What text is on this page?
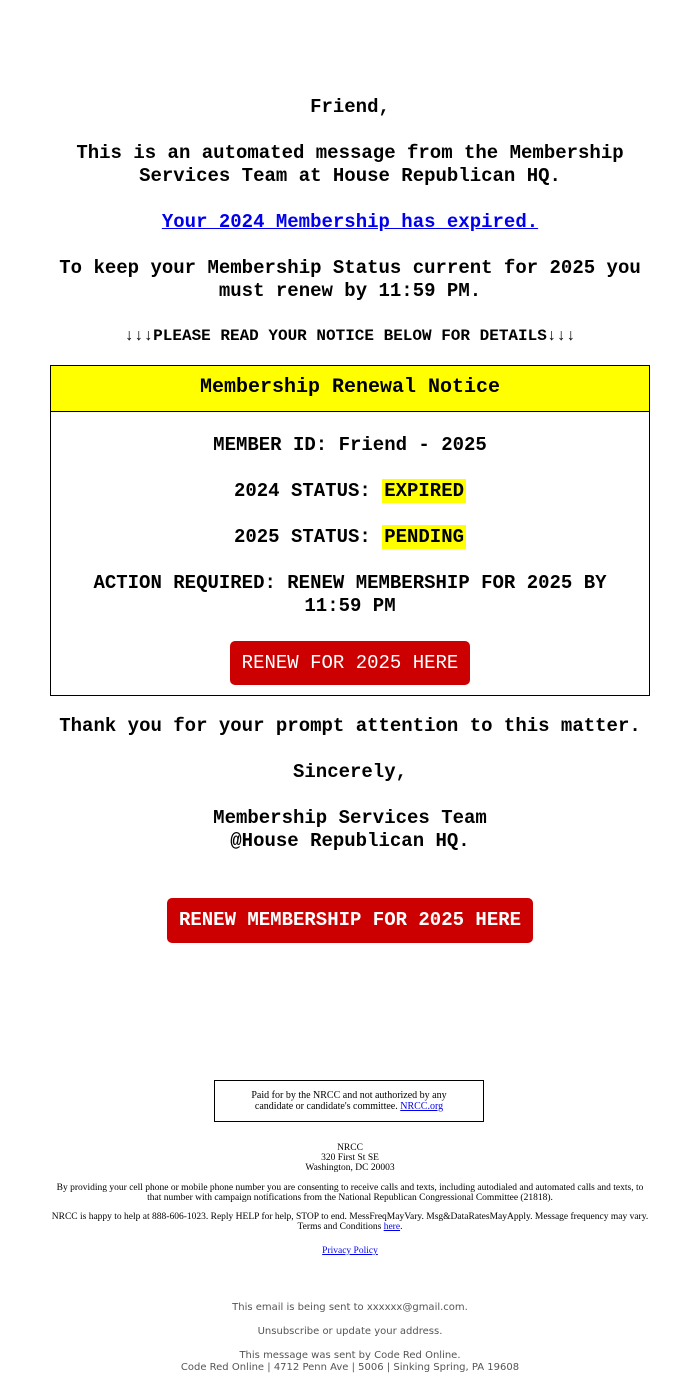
Friend,

This is an automated message from the Membership Services Team at House Republican HQ.

Your 2024 Membership has expired.

To keep your Membership Status current for 2025 you must renew by 11:59 PM.

↓↓↓PLEASE READ YOUR NOTICE BELOW FOR DETAILS↓↓↓

Membership Renewal Notice

MEMBER ID: Friend - 2025

2024 STATUS: EXPIRED

2025 STATUS: PENDING

ACTION REQUIRED: RENEW MEMBERSHIP FOR 2025 BY 11:59 PM

RENEW FOR 2025 HERE

Thank you for your prompt attention to this matter.

Sincerely,

Membership Services Team
@House Republican HQ.

RENEW MEMBERSHIP FOR 2025 HERE
Paid for by the NRCC and not authorized by any candidate or candidate's committee. NRCC.org

NRCC
320 First St SE
Washington, DC 20003

By providing your cell phone or mobile phone number you are consenting to receive calls and texts, including autodialed and automated calls and texts, to that number with campaign notifications from the National Republican Congressional Committee (21818).

NRCC is happy to help at 888-606-1023. Reply HELP for help, STOP to end. MessFreqMayVary. Msg&DataRatesMayApply. Message frequency may vary. Terms and Conditions here.

Privacy Policy

This email is being sent to xxxxxx@gmail.com.

Unsubscribe or update your address.

This message was sent by Code Red Online.
Code Red Online | 4712 Penn Ave | 5006 | Sinking Spring, PA 19608
